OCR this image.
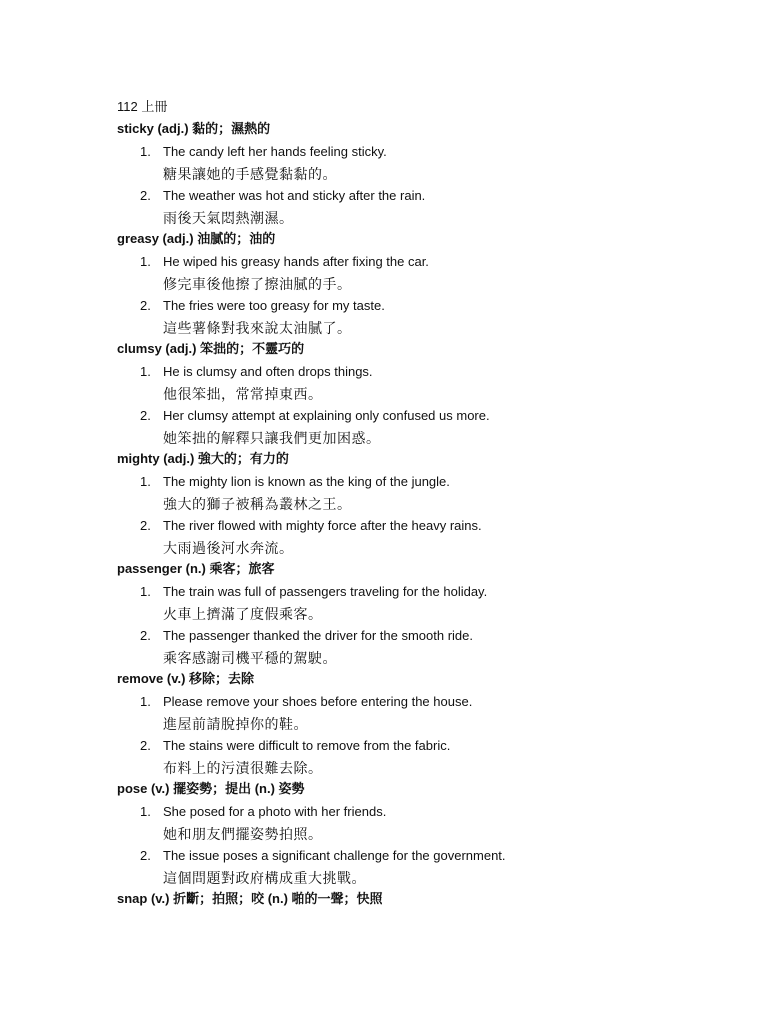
112 上冊
sticky (adj.) 黏的；濕熱的
1. The candy left her hands feeling sticky.
糖果讓她的手感覺黏黏的。
2. The weather was hot and sticky after the rain.
雨後天氣悶熱潮濕。
greasy (adj.) 油膩的；油的
1. He wiped his greasy hands after fixing the car.
修完車後他擦了擦油膩的手。
2. The fries were too greasy for my taste.
這些薯條對我來說太油膩了。
clumsy (adj.) 笨拙的；不靈巧的
1. He is clumsy and often drops things.
他很笨拙，常常掉東西。
2. Her clumsy attempt at explaining only confused us more.
她笨拙的解釋只讓我們更加困惑。
mighty (adj.) 強大的；有力的
1. The mighty lion is known as the king of the jungle.
強大的獅子被稱為叢林之王。
2. The river flowed with mighty force after the heavy rains.
大雨過後河水奔流。
passenger (n.) 乘客；旅客
1. The train was full of passengers traveling for the holiday.
火車上擠滿了度假乘客。
2. The passenger thanked the driver for the smooth ride.
乘客感謝司機平穩的駕駛。
remove (v.) 移除；去除
1. Please remove your shoes before entering the house.
進屋前請脫掉你的鞋。
2. The stains were difficult to remove from the fabric.
布料上的污漬很難去除。
pose (v.) 擺姿勢；提出 (n.) 姿勢
1. She posed for a photo with her friends.
她和朋友們擺姿勢拍照。
2. The issue poses a significant challenge for the government.
這個問題對政府構成重大挑戰。
snap (v.) 折斷；拍照；咬 (n.) 啪的一聲；快照
